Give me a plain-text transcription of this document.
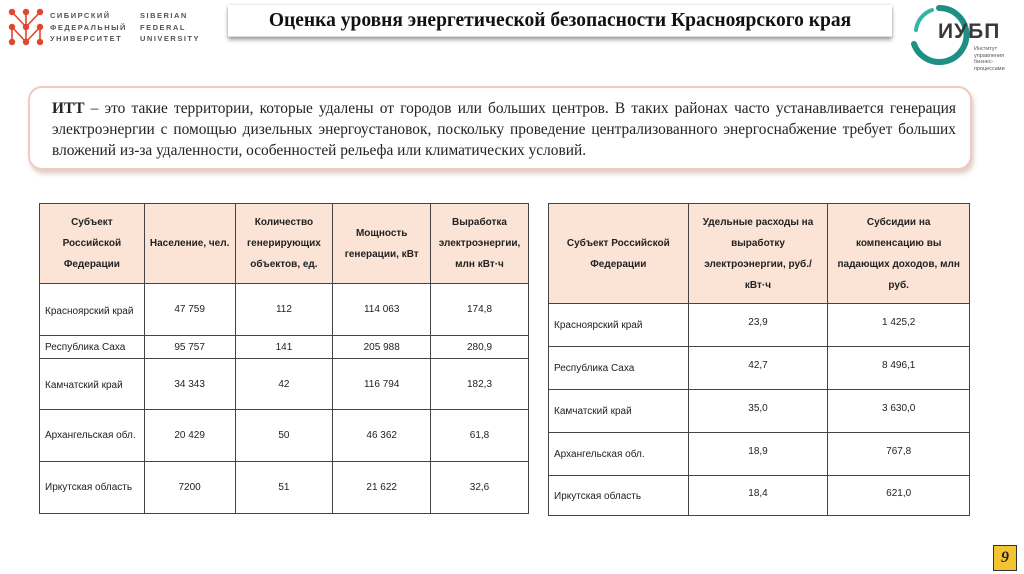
СИБИРСКИЙ
ФЕДЕРАЛЬНЫЙ
УНИВЕРСИТЕТ
SIBERIAN
FEDERAL
UNIVERSITY
Оценка уровня энергетической безопасности Красноярского края	ИУБП
Институт управления бизнес-процессами
ИТТ – это такие территории, которые удалены от городов или больших центров. В таких районах часто устанавливается генерация электроэнергии с помощью дизельных энергоустановок, поскольку проведение централизованного энергоснабжение требует больших вложений из-за удаленности, особенностей рельефа или климатических условий.
Субъект Российской Федерации	Население, чел.	Количество генерирующих объектов, ед.	Мощность генерации, кВт	Выработка электроэнергии, млн кВт·ч

Красноярский край	47 759	112	114 063	174,8

Республика Саха	95 757	141	205 988	280,9

Камчатский край	34 343	42	116 794	182,3

Архангельская обл.	20 429	50	46 362	61,8

Иркутская область	7200	51	21 622	32,6
Субъект Российской Федерации	Удельные расходы на выработку электроэнергии, руб./кВт·ч	Субсидии на компенсацию вы падающих доходов, млн руб.

Красноярский край	23,9	1 425,2

Республика Саха	42,7	8 496,1

Камчатский край	35,0	3 630,0

Архангельская обл.	18,9	767,8

Иркутская область	18,4	621,0
9
